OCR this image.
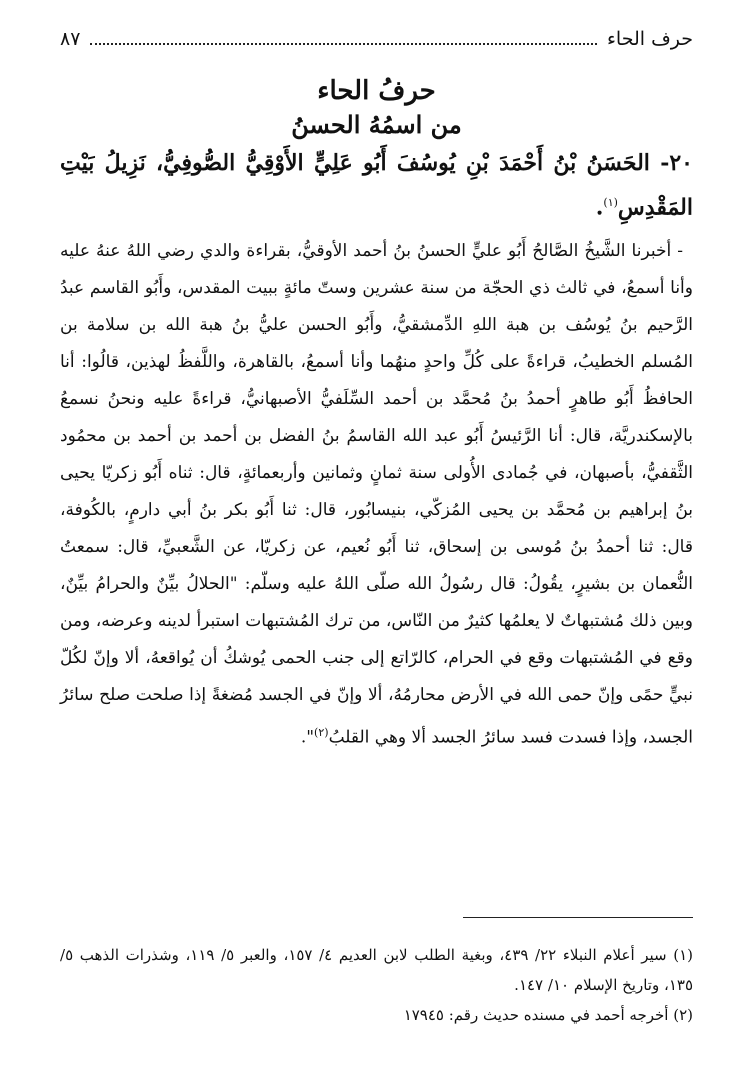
حرف الحاء
٨٧
حرفُ الحاء
من اسمُهُ الحسنُ
٢٠- الحَسَنُ بْنُ أَحْمَدَ بْنِ يُوسُفَ أَبُو عَلِيٍّ الأَوْقِيُّ الصُّوفِيُّ، نَزِيلُ بَيْتِ المَقْدِسِ$^{(١)}$.
- أخبرنا الشَّيخُ الصَّالحُ أَبُو عليٍّ الحسنُ بنُ أحمد الأوقيُّ، بقراءة والدي رضي اللهُ عنهُ عليه وأنا أسمعُ، في ثالث ذي الحجّة من سنة عشرين وستّ مائةٍ ببيت المقدس، وأَبُو القاسم عبدُ الرَّحيم بنُ يُوسُف بن هبة اللهِ الدِّمشقيُّ، وأَبُو الحسن عليُّ بنُ هبة الله بن سلامة بن المُسلم الخطيبُ، قراءةً على كُلِّ واحدٍ منهُما وأنا أسمعُ، بالقاهرة، واللَّفظُ لهذين، قالُوا: أنا الحافظُ أَبُو طاهرٍ أحمدُ بنُ مُحمَّد بن أحمد السِّلَفيُّ الأصبهانيُّ، قراءةً عليه ونحنُ نسمعُ بالإسكندريَّة، قال: أنا الرَّئيسُ أَبُو عبد الله القاسمُ بنُ الفضل بن أحمد بن أحمد بن محمُود الثَّقفيُّ، بأصبهان، في جُمادى الأُولى سنة ثمانٍ وثمانين وأربعمائةٍ، قال: ثناه أَبُو زكريّا يحيى بنُ إبراهيم بن مُحمَّد بن يحيى المُزكّي، بنيسابُور، قال: ثنا أَبُو بكر بنُ أبي دارمٍ، بالكُوفة، قال: ثنا أحمدُ بنُ مُوسى بن إسحاق، ثنا أَبُو نُعيم، عن زكريّا، عن الشَّعبيِّ، قال: سمعتُ النُّعمان بن بشيرٍ، يقُولُ: قال رسُولُ الله صلّى اللهُ عليه وسلّم: "الحلالُ بيِّنٌ والحرامُ بيِّنٌ، وبين ذلك مُشتبهاتٌ لا يعلمُها كثيرٌ من النّاس، من ترك المُشتبهات استبرأ لدينه وعرضه، ومن وقع في المُشتبهات وقع في الحرام، كالرّاتع إلى جنب الحمى يُوشكُ أن يُواقعهُ، ألا وإنّ لكُلّ نبيٍّ حمًى وإنّ حمى الله في الأرض محارمُهُ، ألا وإنّ في الجسد مُضغةً إذا صلحت صلح سائرُ الجسد، وإذا فسدت فسد سائرُ الجسد ألا وهي القلبُ$^{(٢)}$".
(١) سير أعلام النبلاء ٢٢/ ٤٣٩، وبغية الطلب لابن العديم ٤/ ١٥٧، والعبر ٥/ ١١٩، وشذرات الذهب ٥/ ١٣٥، وتاريخ الإسلام ١٠/ ١٤٧.
(٢) أخرجه أحمد في مسنده حديث رقم: ١٧٩٤٥
